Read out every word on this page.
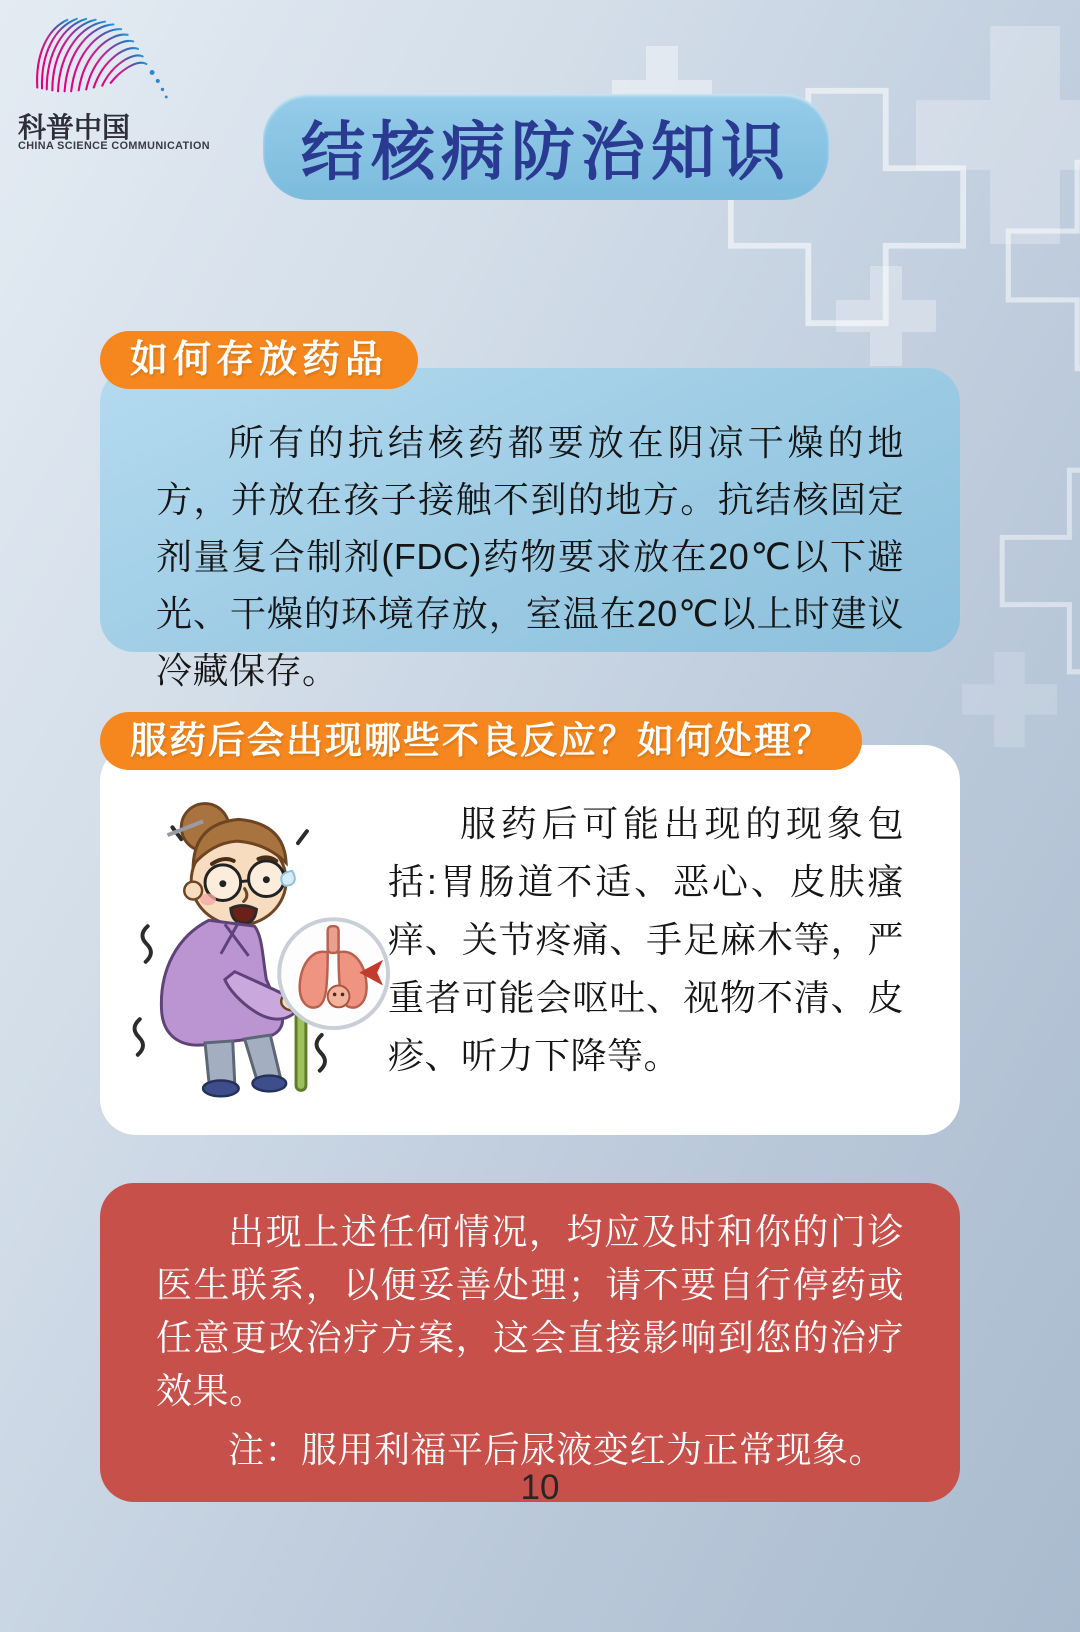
科普中国
CHINA SCIENCE COMMUNICATION	结核病防治知识
如何存放药品

所有的抗结核药都要放在阴凉干燥的地方，并放在孩子接触不到的地方。抗结核固定剂量复合制剂(FDC)药物要求放在20℃以下避光、干燥的环境存放，室温在20℃以上时建议冷藏保存。

服药后会出现哪些不良反应？如何处理？

服药后可能出现的现象包括:胃肠道不适、恶心、皮肤瘙痒、关节疼痛、手足麻木等，严重者可能会呕吐、视物不清、皮疹、听力下降等。

出现上述任何情况，均应及时和你的门诊医生联系，以便妥善处理；请不要自行停药或任意更改治疗方案，这会直接影响到您的治疗效果。

注：服用利福平后尿液变红为正常现象。

10
